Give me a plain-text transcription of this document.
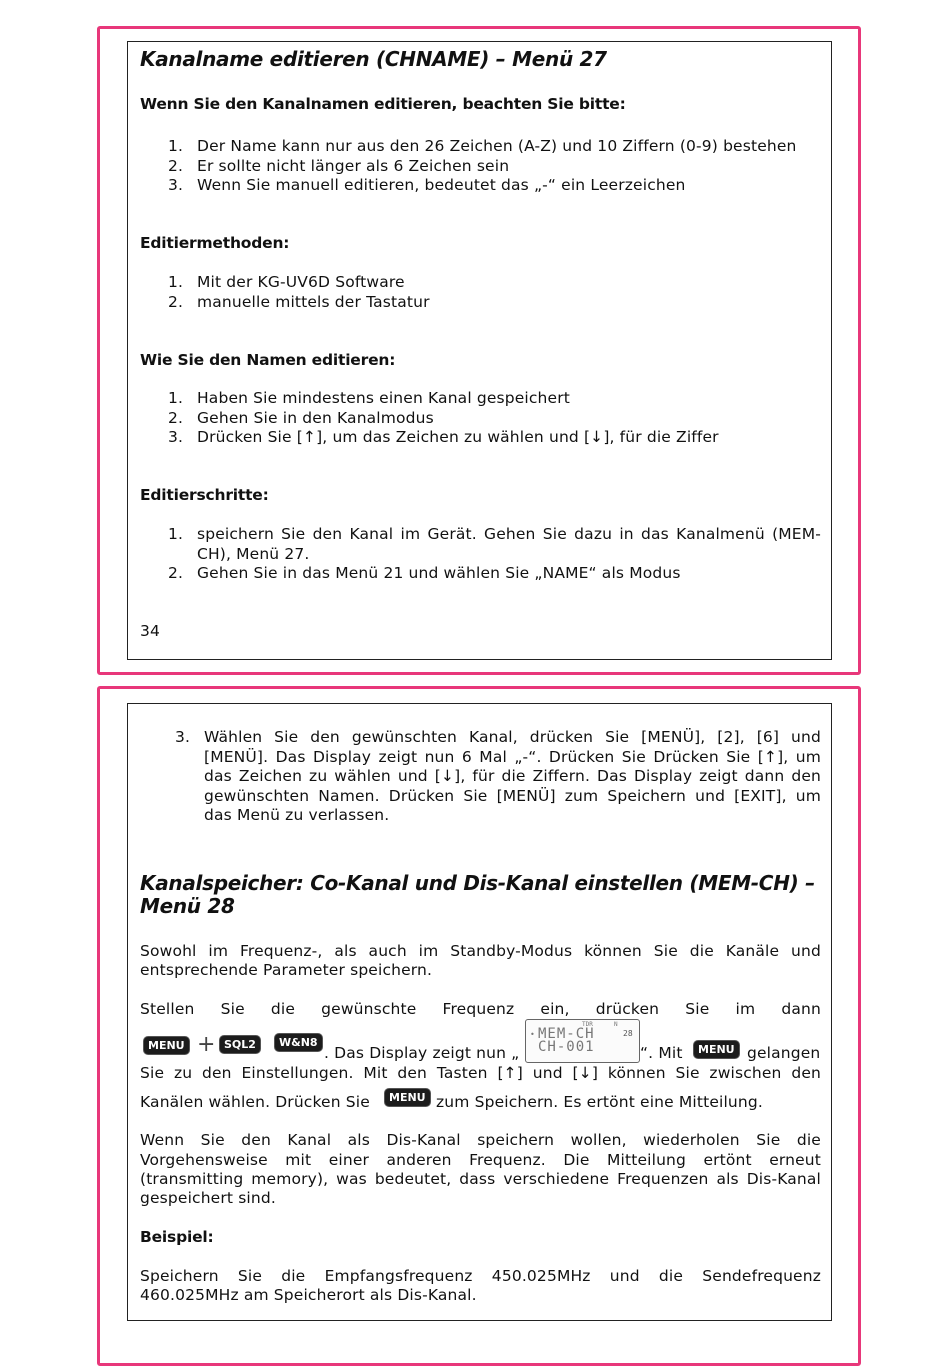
Kanalname editieren (CHNAME) – Menü 27
Wenn Sie den Kanalnamen editieren, beachten Sie bitte:
1. Der Name kann nur aus den 26 Zeichen (A-Z) und 10 Ziffern (0-9) bestehen
2. Er sollte nicht länger als 6 Zeichen sein
3. Wenn Sie manuell editieren, bedeutet das „-“ ein Leerzeichen
Editiermethoden:
1. Mit der KG-UV6D Software
2. manuelle mittels der Tastatur
Wie Sie den Namen editieren:
1. Haben Sie mindestens einen Kanal gespeichert
2. Gehen Sie in den Kanalmodus
3. Drücken Sie [↑], um das Zeichen zu wählen und [↓], für die Ziffer
Editierschritte:
1. speichern Sie den Kanal im Gerät. Gehen Sie dazu in das Kanalmenü (MEM-
CH), Menü 27.
2. Gehen Sie in das Menü 21 und wählen Sie „NAME“ als Modus
34
3. Wählen Sie den gewünschten Kanal, drücken Sie [MENÜ], [2], [6] und
[MENÜ]. Das Display zeigt nun 6 Mal „-“. Drücken Sie Drücken Sie [↑], um
das Zeichen zu wählen und [↓], für die Ziffern. Das Display zeigt dann den
gewünschten Namen. Drücken Sie [MENÜ] zum Speichern und [EXIT], um
das Menü zu verlassen.
Kanalspeicher: Co-Kanal und Dis-Kanal einstellen (MEM-CH) –
Menü 28
Sowohl im Frequenz-, als auch im Standby-Modus können Sie die Kanäle und
entsprechende Parameter speichern.
Stellen Sie die gewünschte Frequenz ein, drücken Sie im dann
MENU + SQL2	W&N8
. Das Display zeigt nun „
TDR	N
28
• MEM-CH
CH-001	“. Mit	MENU gelangen
Sie zu den Einstellungen. Mit den Tasten [↑] und [↓] können Sie zwischen den
Kanälen wählen. Drücken Sie	MENU zum Speichern. Es ertönt eine Mitteilung.
Wenn Sie den Kanal als Dis-Kanal speichern wollen, wiederholen Sie die
Vorgehensweise mit einer anderen Frequenz. Die Mitteilung ertönt erneut
(transmitting memory), was bedeutet, dass verschiedene Frequenzen als Dis-Kanal
gespeichert sind.
Beispiel:
Speichern Sie die Empfangsfrequenz 450.025MHz und die Sendefrequenz
460.025MHz am Speicherort als Dis-Kanal.
